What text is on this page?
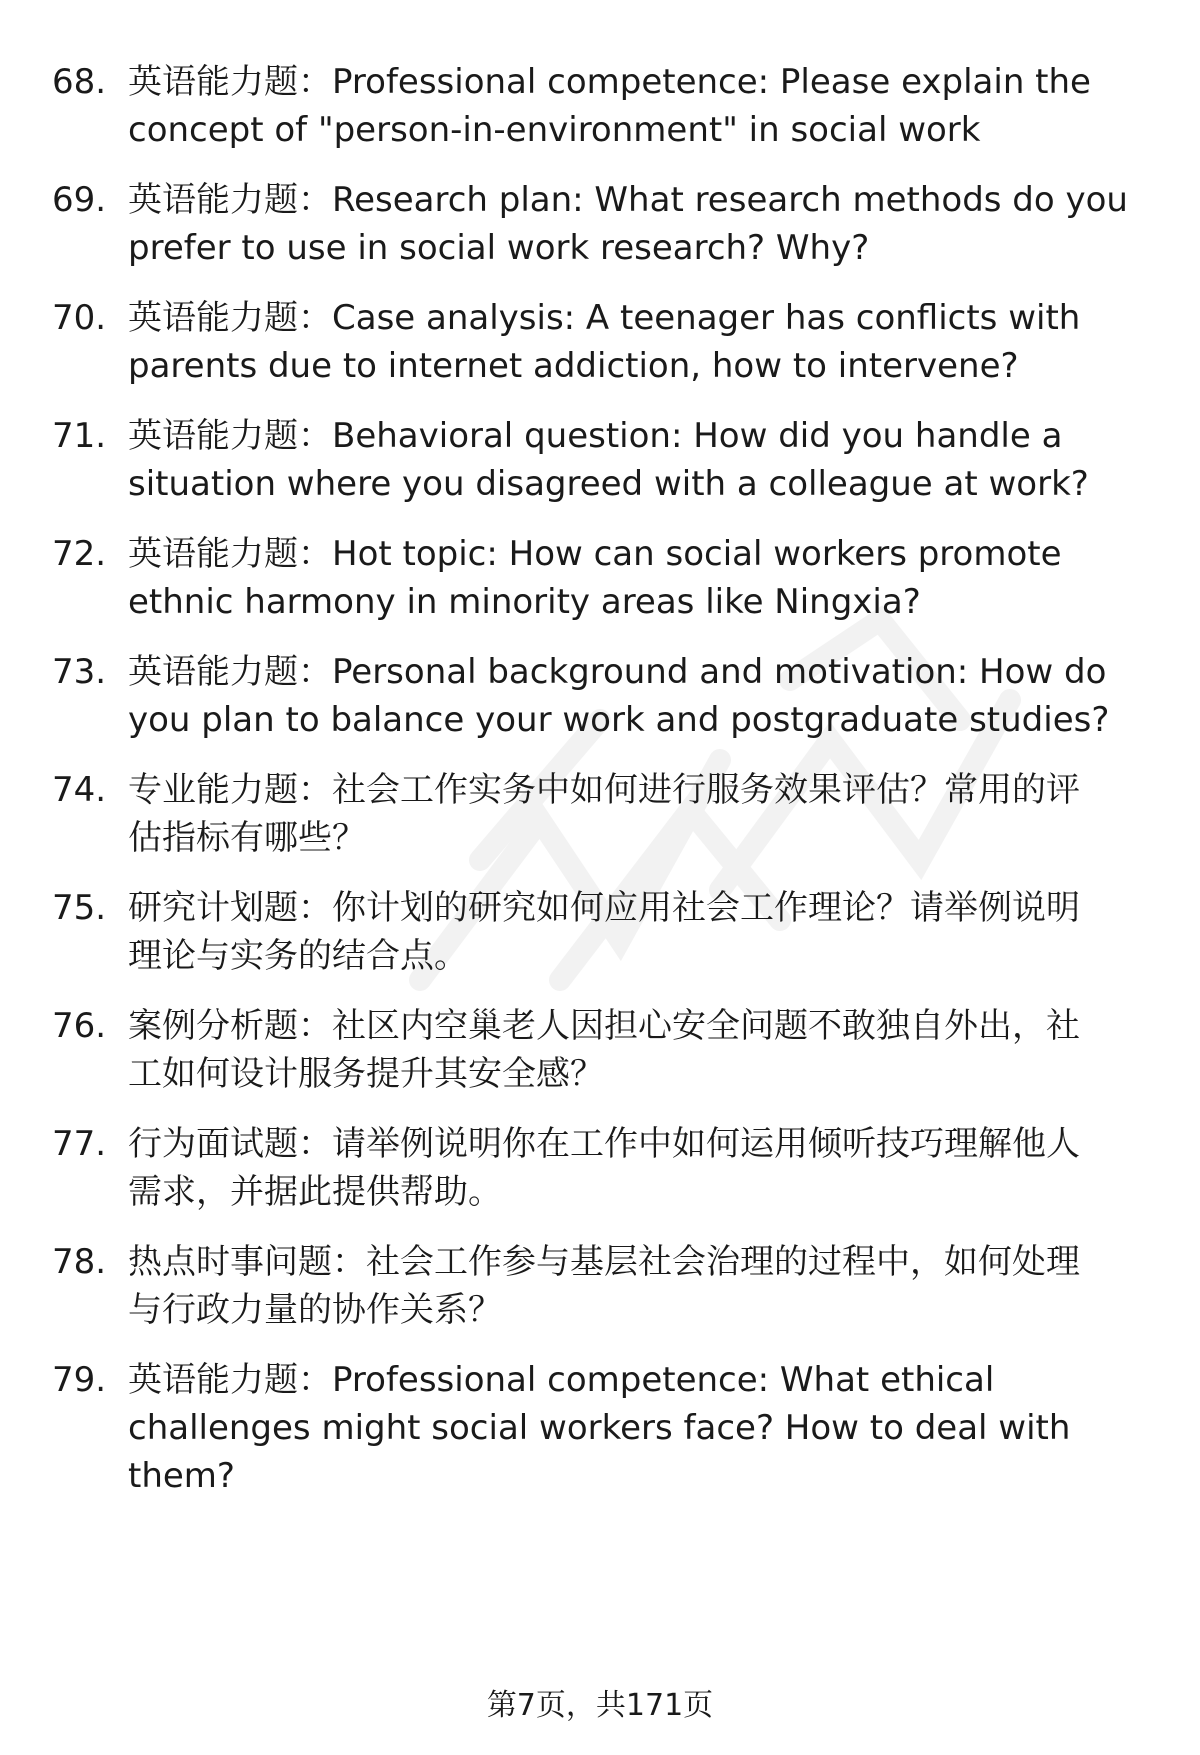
68. 英语能力题：Professional competence: Please explain the
concept of "person-in-environment" in social work
69. 英语能力题：Research plan: What research methods do you
prefer to use in social work research? Why?
70. 英语能力题：Case analysis: A teenager has conflicts with
parents due to internet addiction, how to intervene?
71. 英语能力题：Behavioral question: How did you handle a
situation where you disagreed with a colleague at work?
72. 英语能力题：Hot topic: How can social workers promote
ethnic harmony in minority areas like Ningxia?
73. 英语能力题：Personal background and motivation: How do
you plan to balance your work and postgraduate studies?
74. 专业能力题：社会工作实务中如何进行服务效果评估？常用的评
估指标有哪些？
75. 研究计划题：你计划的研究如何应用社会工作理论？请举例说明
理论与实务的结合点。
76. 案例分析题：社区内空巢老人因担心安全问题不敢独自外出，社
工如何设计服务提升其安全感？
77. 行为面试题：请举例说明你在工作中如何运用倾听技巧理解他人
需求，并据此提供帮助。
78. 热点时事问题：社会工作参与基层社会治理的过程中，如何处理
与行政力量的协作关系？
79. 英语能力题：Professional competence: What ethical
challenges might social workers face? How to deal with
them?
第7页，共171页
